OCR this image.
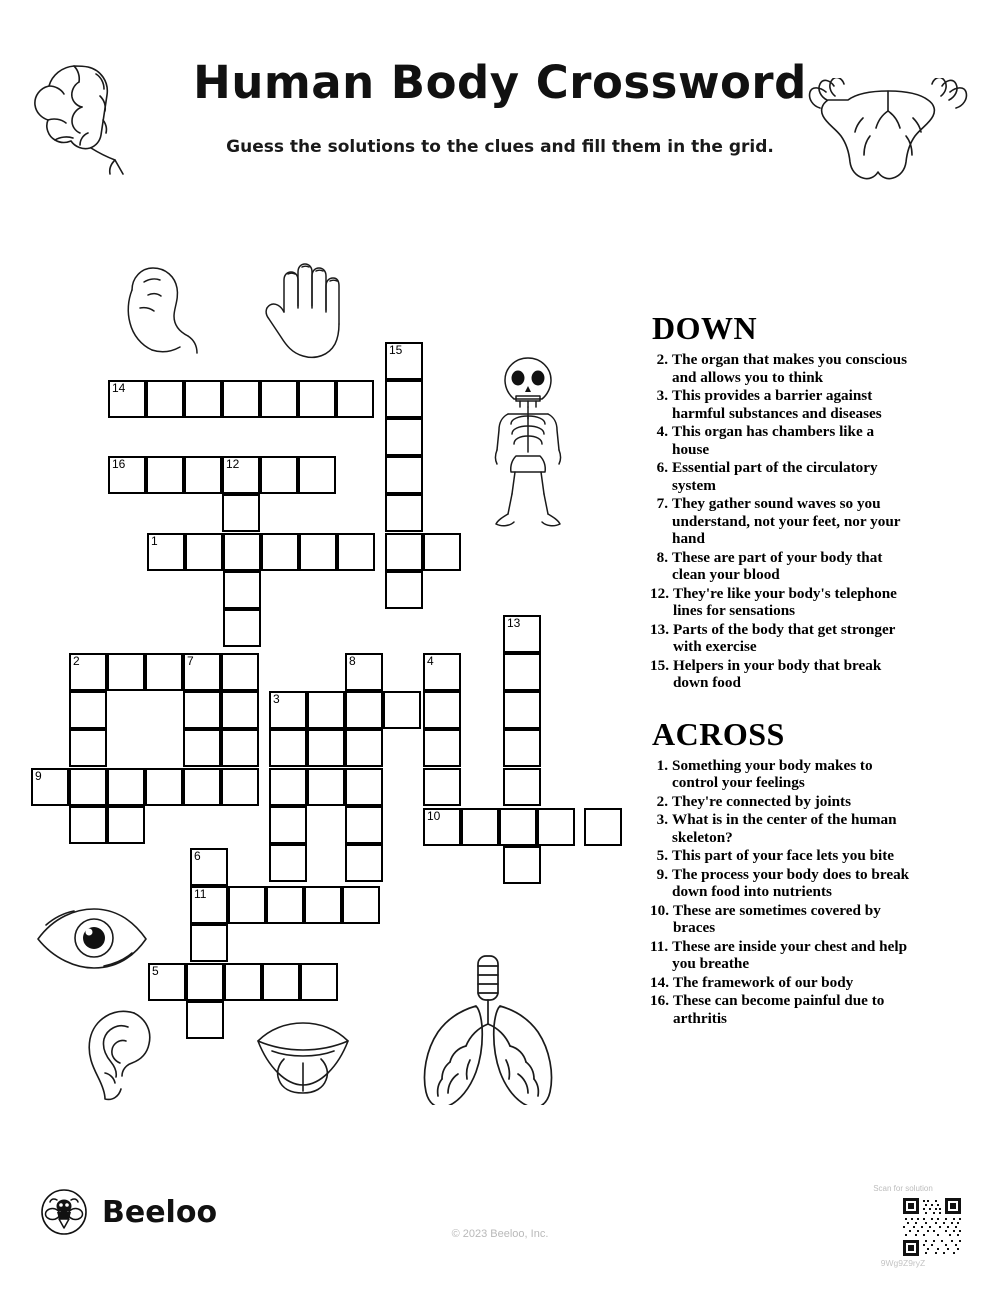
Human Body Crossword
Guess the solutions to the clues and fill them in the grid.
15
14
16	12
1
13
2	7	8	4
3
9
10
6
11
5
DOWN
2. The organ that makes you conscious and allows you to think
3. This provides a barrier against harmful substances and diseases
4. This organ has chambers like a house
6. Essential part of the circulatory system
7. They gather sound waves so you understand, not your feet, nor your hand
8. These are part of your body that clean your blood
12. They're like your body's telephone lines for sensations
13. Parts of the body that get stronger with exercise
15. Helpers in your body that break down food
ACROSS
1. Something your body makes to control your feelings
2. They're connected by joints
3. What is in the center of the human skeleton?
5. This part of your face lets you bite
9. The process your body does to break down food into nutrients
10. These are sometimes covered by braces
11. These are inside your chest and help you breathe
14. The framework of our body
16. These can become painful due to arthritis
Beeloo
© 2023 Beeloo, Inc.
Scan for solution
9Wg9Z9ryZ
